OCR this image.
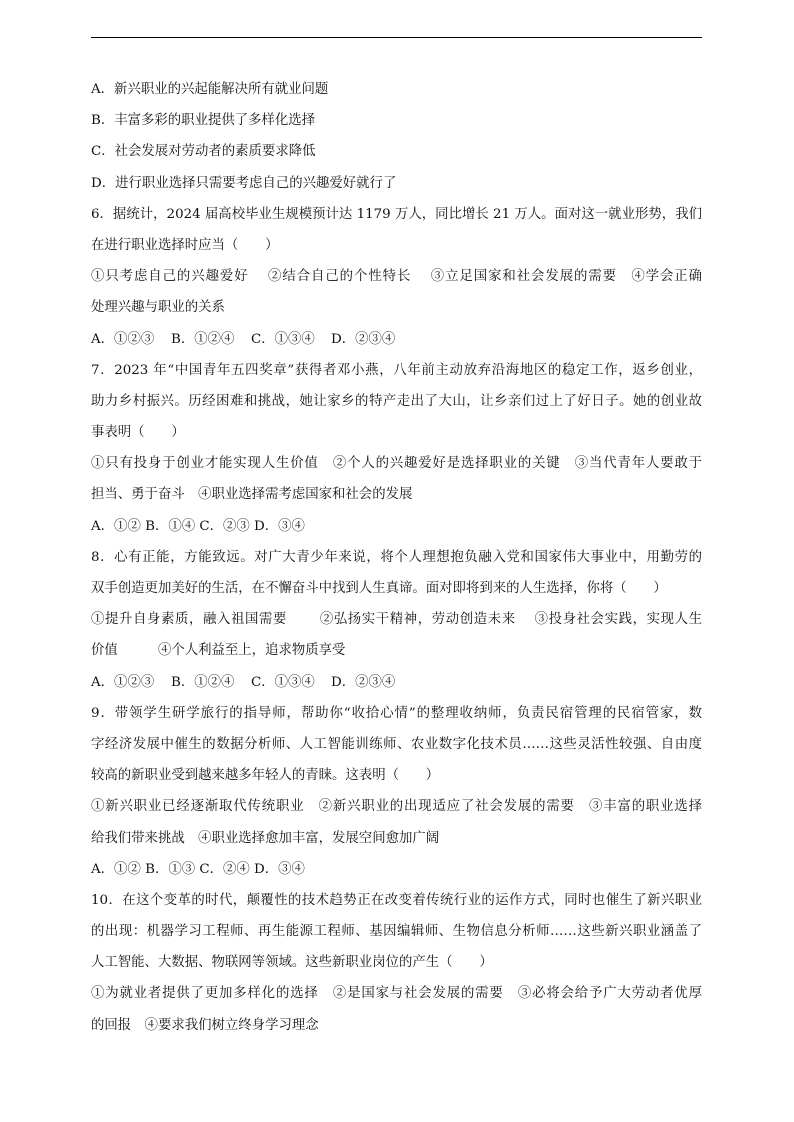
A．新兴职业的兴起能解决所有就业问题
B．丰富多彩的职业提供了多样化选择
C．社会发展对劳动者的素质要求降低
D．进行职业选择只需要考虑自己的兴趣爱好就行了
6．据统计，2024 届高校毕业生规模预计达 1179 万人，同比增长 21 万人。面对这一就业形势，我们
在进行职业选择时应当（　　）
①只考虑自己的兴趣爱好　 ②结合自己的个性特长　 ③立足国家和社会发展的需要　④学会正确
处理兴趣与职业的关系
A．①②③ B．①②④ C．①③④ D．②③④
7．2023 年“中国青年五四奖章”获得者邓小燕，八年前主动放弃沿海地区的稳定工作，返乡创业，
助力乡村振兴。历经困难和挑战，她让家乡的特产走出了大山，让乡亲们过上了好日子。她的创业故
事表明（　　）
①只有投身于创业才能实现人生价值　②个人的兴趣爱好是选择职业的关键　③当代青年人要敢于
担当、勇于奋斗　④职业选择需考虑国家和社会的发展
A．①② B．①④ C．②③ D．③④
8．心有正能，方能致远。对广大青少年来说，将个人理想抱负融入党和国家伟大事业中，用勤劳的
双手创造更加美好的生活，在不懈奋斗中找到人生真谛。面对即将到来的人生选择，你将（　　）
①提升自身素质，融入祖国需要　　 ②弘扬实干精神，劳动创造未来　 ③投身社会实践，实现人生
价值　　　④个人利益至上，追求物质享受
A．①②③ B．①②④ C．①③④ D．②③④
9．带领学生研学旅行的指导师，帮助你“收拾心情”的整理收纳师，负责民宿管理的民宿管家，数
字经济发展中催生的数据分析师、人工智能训练师、农业数字化技术员……这些灵活性较强、自由度
较高的新职业受到越来越多年轻人的青睐。这表明（　　）
①新兴职业已经逐渐取代传统职业　②新兴职业的出现适应了社会发展的需要　③丰富的职业选择
给我们带来挑战　④职业选择愈加丰富，发展空间愈加广阔
A．①② B．①③ C．②④ D．③④
10．在这个变革的时代，颠覆性的技术趋势正在改变着传统行业的运作方式，同时也催生了新兴职业
的出现：机器学习工程师、再生能源工程师、基因编辑师、生物信息分析师……这些新兴职业涵盖了
人工智能、大数据、物联网等领域。这些新职业岗位的产生（　　）
①为就业者提供了更加多样化的选择　②是国家与社会发展的需要　③必将会给予广大劳动者优厚
的回报　④要求我们树立终身学习理念
